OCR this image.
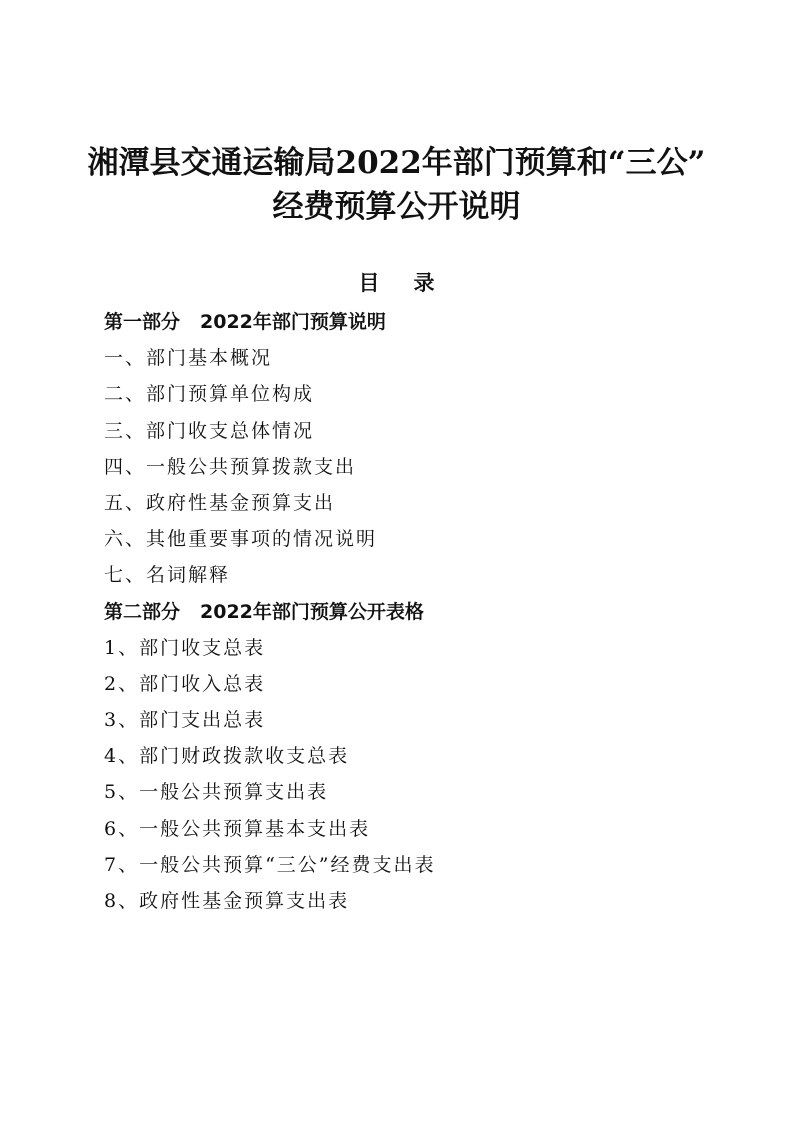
湘潭县交通运输局2022年部门预算和“三公”
经费预算公开说明
目录
第一部分 2022年部门预算说明
一、部门基本概况
二、部门预算单位构成
三、部门收支总体情况
四、一般公共预算拨款支出
五、政府性基金预算支出
六、其他重要事项的情况说明
七、名词解释
第二部分 2022年部门预算公开表格
1、部门收支总表
2、部门收入总表
3、部门支出总表
4、部门财政拨款收支总表
5、一般公共预算支出表
6、一般公共预算基本支出表
7、一般公共预算“三公”经费支出表
8、政府性基金预算支出表
